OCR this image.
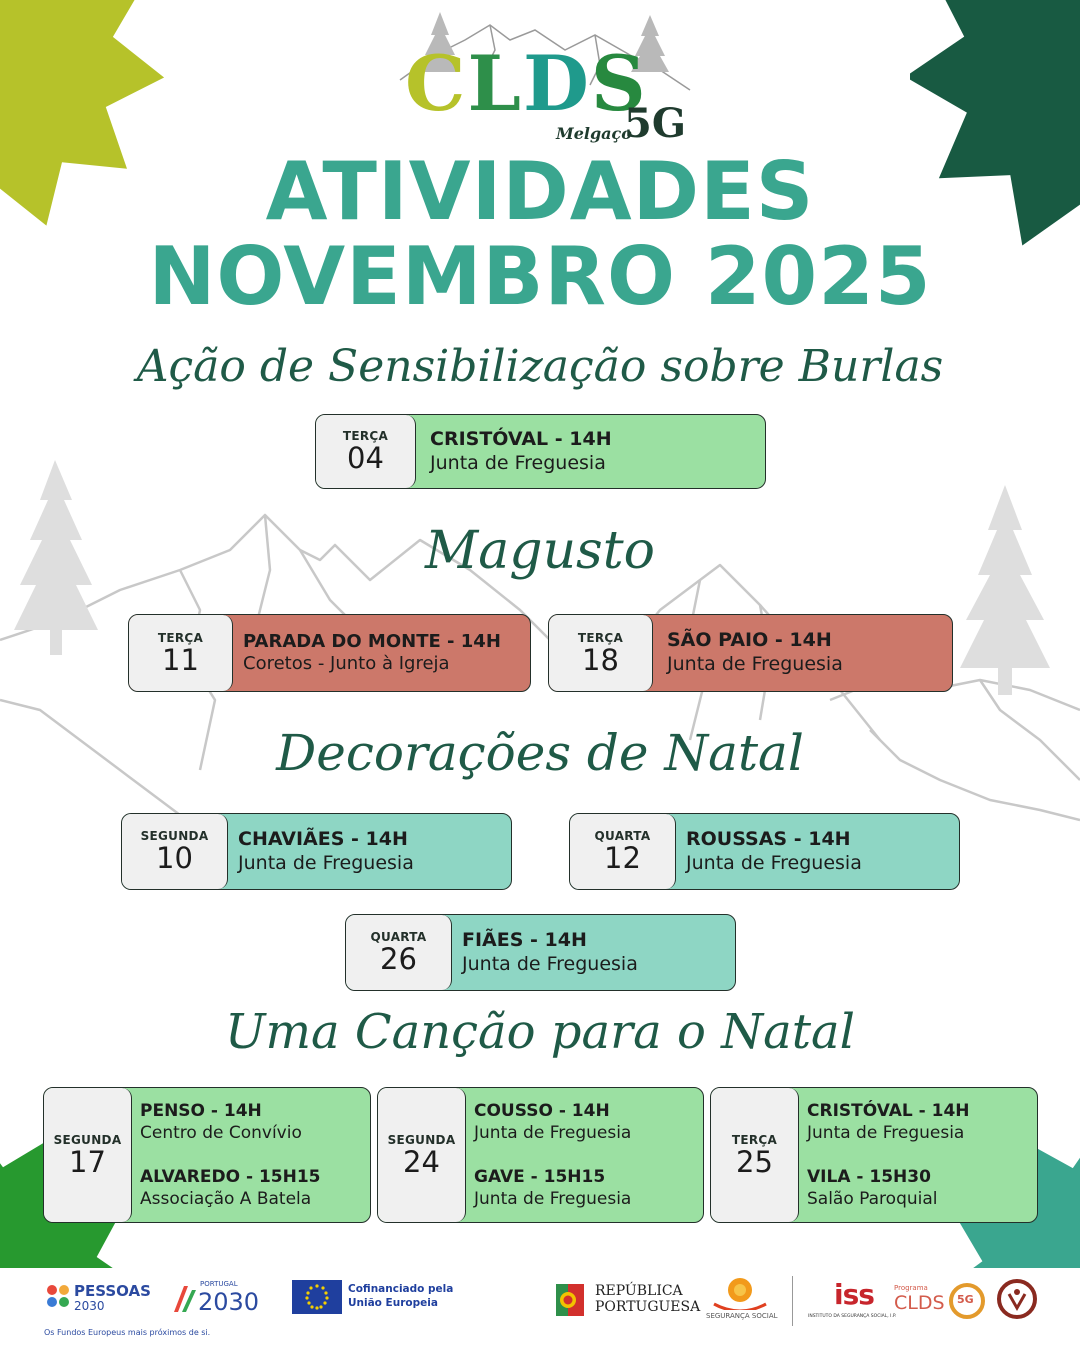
CLDS
Melgaço
5G
ATIVIDADES
NOVEMBRO 2025
Ação de Sensibilização sobre Burlas
TERÇA
04
CRISTÓVAL - 14H
Junta de Freguesia
Magusto
TERÇA
11
PARADA DO MONTE - 14H
Coretos - Junto à Igreja
TERÇA
18
SÃO PAIO - 14H
Junta de Freguesia
Decorações de Natal
SEGUNDA
10
CHAVIÃES - 14H
Junta de Freguesia
QUARTA
12
ROUSSAS - 14H
Junta de Freguesia
QUARTA
26
FIÃES - 14H
Junta de Freguesia
Uma Canção para o Natal
SEGUNDA
17
PENSO - 14H
Centro de Convívio
ALVAREDO - 15H15
Associação A Batela
SEGUNDA
24
COUSSO - 14H
Junta de Freguesia
GAVE - 15H15
Junta de Freguesia
TERÇA
25
CRISTÓVAL - 14H
Junta de Freguesia
VILA - 15H30
Salão Paroquial
PESSOAS
2030
Os Fundos Europeus mais próximos de si.
PORTUGAL
2030	Cofinanciado pela União Europeia
REPÚBLICA
PORTUGUESA
SEGURANÇA SOCIAL
iss
INSTITUTO DA SEGURANÇA SOCIAL, I.P.
Programa
CLDS 5G
